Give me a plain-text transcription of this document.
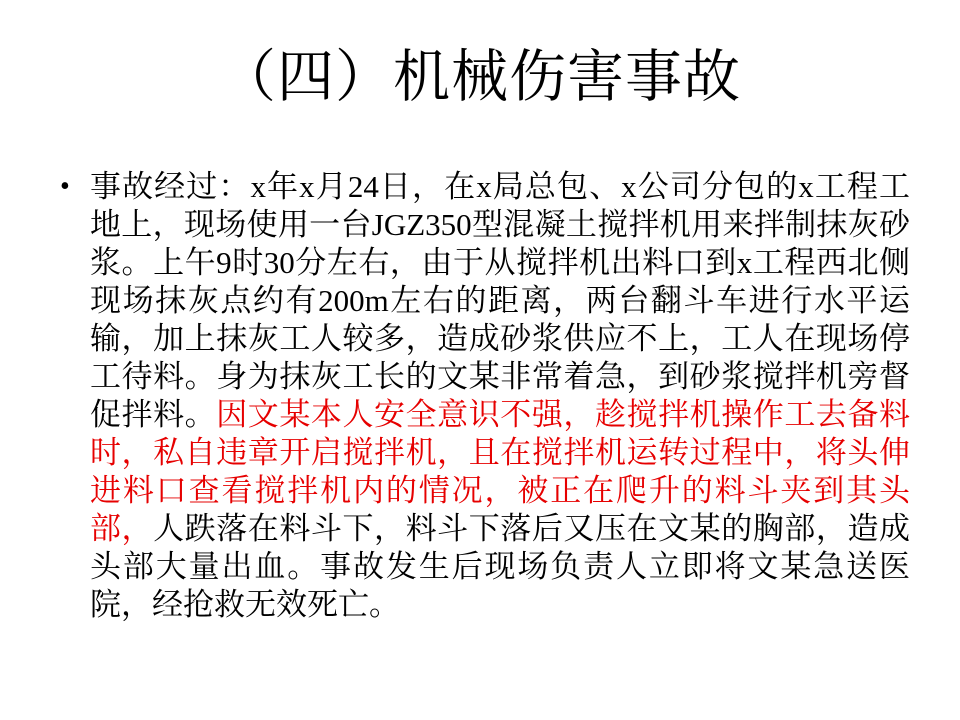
（四）机械伤害事故
• 事故经过：x年x月24日，在x局总包、x公司分包的x工程工地上，现场使用一台JGZ350型混凝土搅拌机用来拌制抹灰砂浆。上午9时30分左右，由于从搅拌机出料口到x工程西北侧现场抹灰点约有200m左右的距离，两台翻斗车进行水平运输，加上抹灰工人较多，造成砂浆供应不上，工人在现场停工待料。身为抹灰工长的文某非常着急，到砂浆搅拌机旁督促拌料。因文某本人安全意识不强，趁搅拌机操作工去备料时，私自违章开启搅拌机，且在搅拌机运转过程中，将头伸进料口查看搅拌机内的情况，被正在爬升的料斗夹到其头部，人跌落在料斗下，料斗下落后又压在文某的胸部，造成头部大量出血。事故发生后现场负责人立即将文某急送医院，经抢救无效死亡。
